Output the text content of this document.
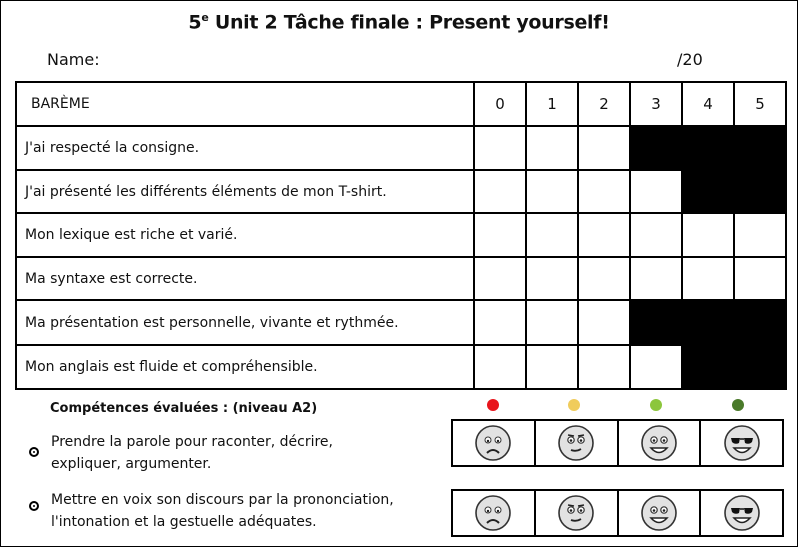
5e Unit 2 Tâche finale : Present yourself!
Name:	/20
BARÈME	0	1	2	3	4	5
J'ai respecté la consigne.						
J'ai présenté les différents éléments de mon T-shirt.						
Mon lexique est riche et varié.						
Ma syntaxe est correcte.						
Ma présentation est personnelle, vivante et rythmée.						
Mon anglais est fluide et compréhensible.						
Compétences évaluées : (niveau A2)
Prendre la parole pour raconter, décrire,
expliquer, argumenter.
Mettre en voix son discours par la prononciation,
l'intonation et la gestuelle adéquates.
